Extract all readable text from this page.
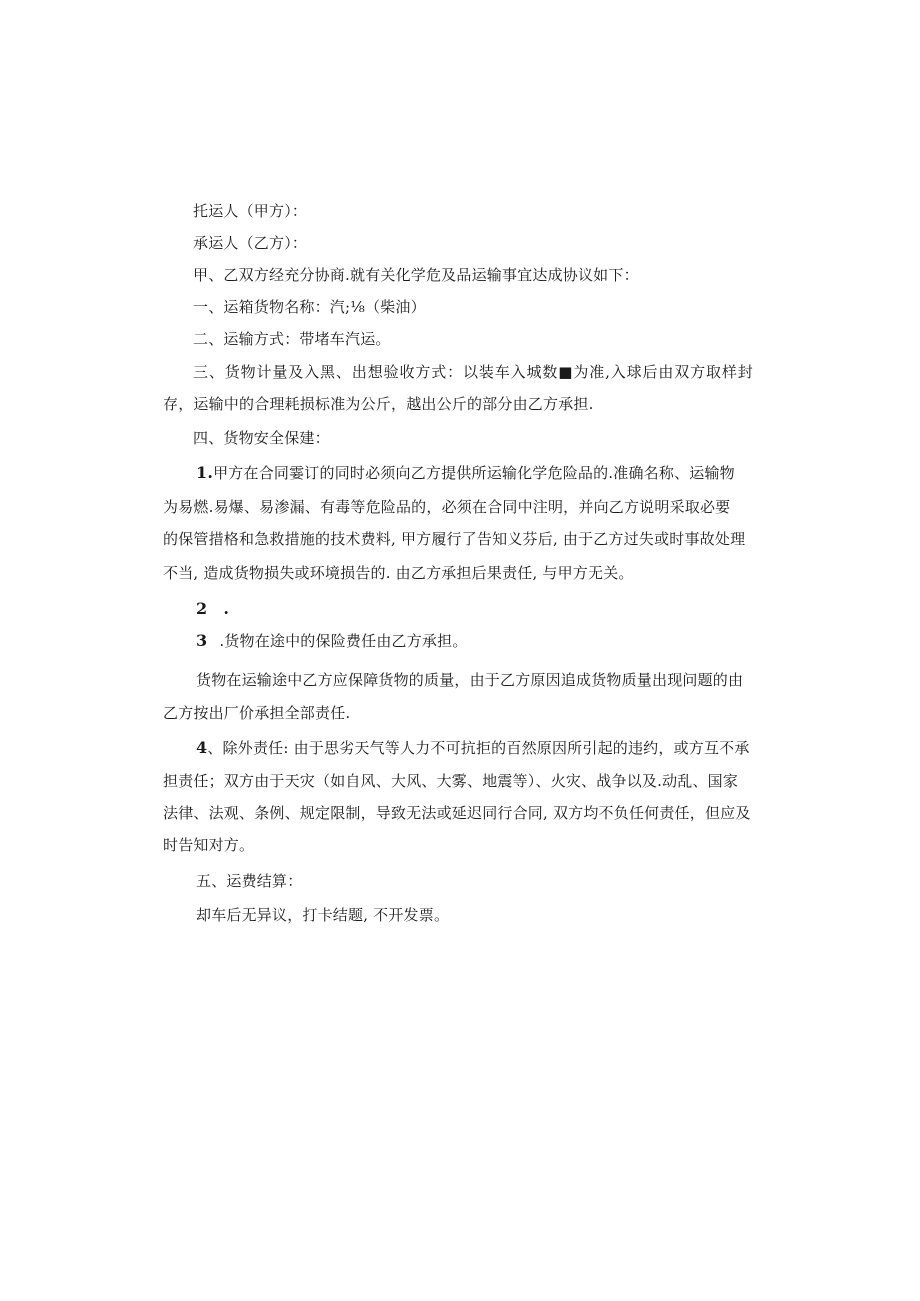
托运人（甲方）：
承运人（乙方）：
甲、乙双方经充分协商.就有关化学危及品运输事宜达成协议如下：
一、运箱货物名称：汽;⅛（柴油）
二、运输方式：带堵车汽运。
三、货物计量及入黑、出想验收方式：以装车入城数■为准,入球后由双方取样封
存，运输中的合理耗损标准为公斤，越出公斤的部分由乙方承担.
四、货物安全保建：
1.甲方在合同霎订的同时必须向乙方提供所运输化学危险品的.准确名称、运输物
为易燃.易爆、易渗漏、有毒等危险品的，必须在合同中注明，并向乙方说明采取必要
的保管措格和急救措施的技术费料, 甲方履行了告知义芬后, 由于乙方过失或时事故处理
不当, 造成货物损失或环境损告的. 由乙方承担后果责任, 与甲方无关。
2 .
3 .货物在途中的保险费任由乙方承担。
货物在运输途中乙方应保障货物的质量，由于乙方原因追成货物质量出现问题的由
乙方按出厂价承担全部责任.
4、除外责任: 由于思劣天气等人力不可抗拒的百然原因所引起的违约，或方互不承
担责任；双方由于天灾（如自风、大风、大雾、地震等）、火灾、战争以及.动乱、国家
法律、法观、条例、规定限制，导致无法或延迟同行合同, 双方均不负任何责任，但应及
时告知对方。
五、运费结算：
却车后无异议，打卡结题, 不开发票。
